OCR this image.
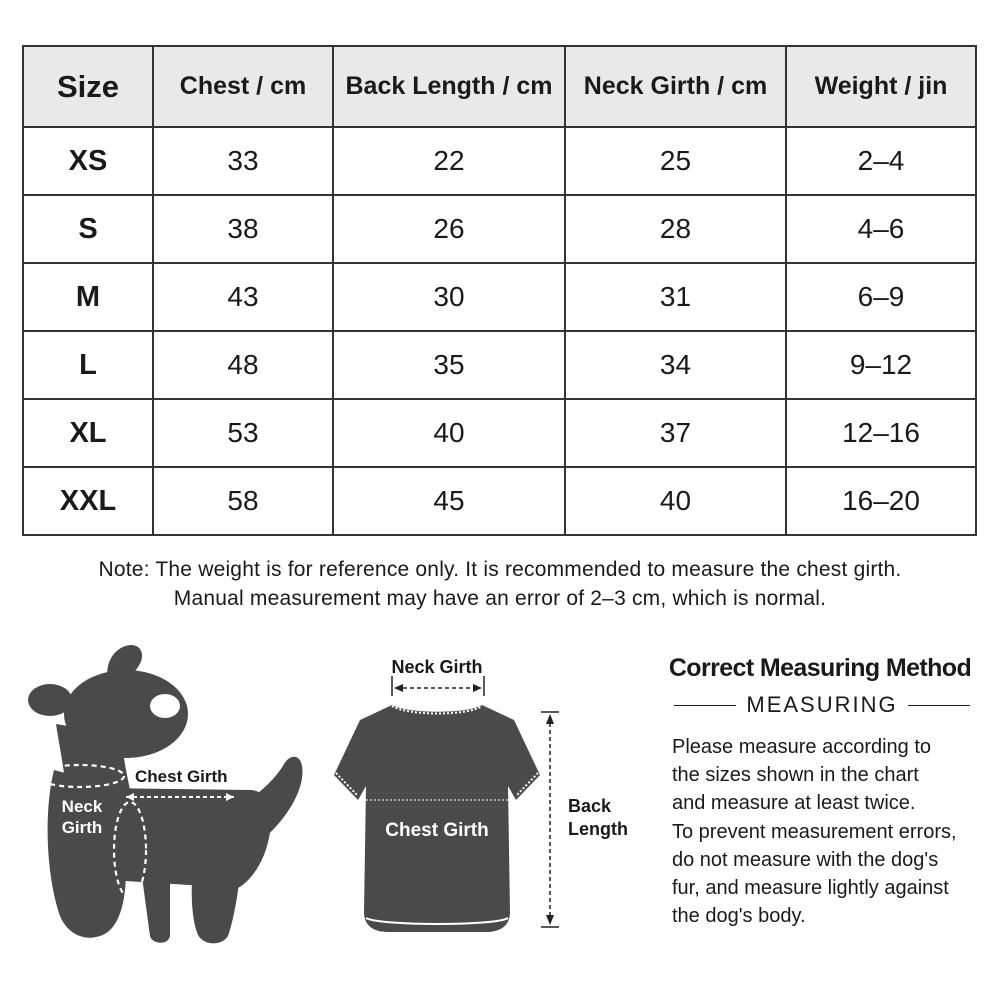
Size	Chest / cm	Back Length / cm	Neck Girth / cm	Weight / jin
XS	33	22	25	2–4
S	38	26	28	4–6
M	43	30	31	6–9
L	48	35	34	9–12
XL	53	40	37	12–16
XXL	58	45	40	16–20
Note: The weight is for reference only. It is recommended to measure the chest girth.
Manual measurement may have an error of 2–3 cm, which is normal.
Chest Girth
Neck
Girth
Neck Girth
Chest Girth
Back
Length
Correct Measuring Method
MEASURING
Please measure according to
the sizes shown in the chart
and measure at least twice.
To prevent measurement errors,
do not measure with the dog's
fur, and measure lightly against
the dog's body.
